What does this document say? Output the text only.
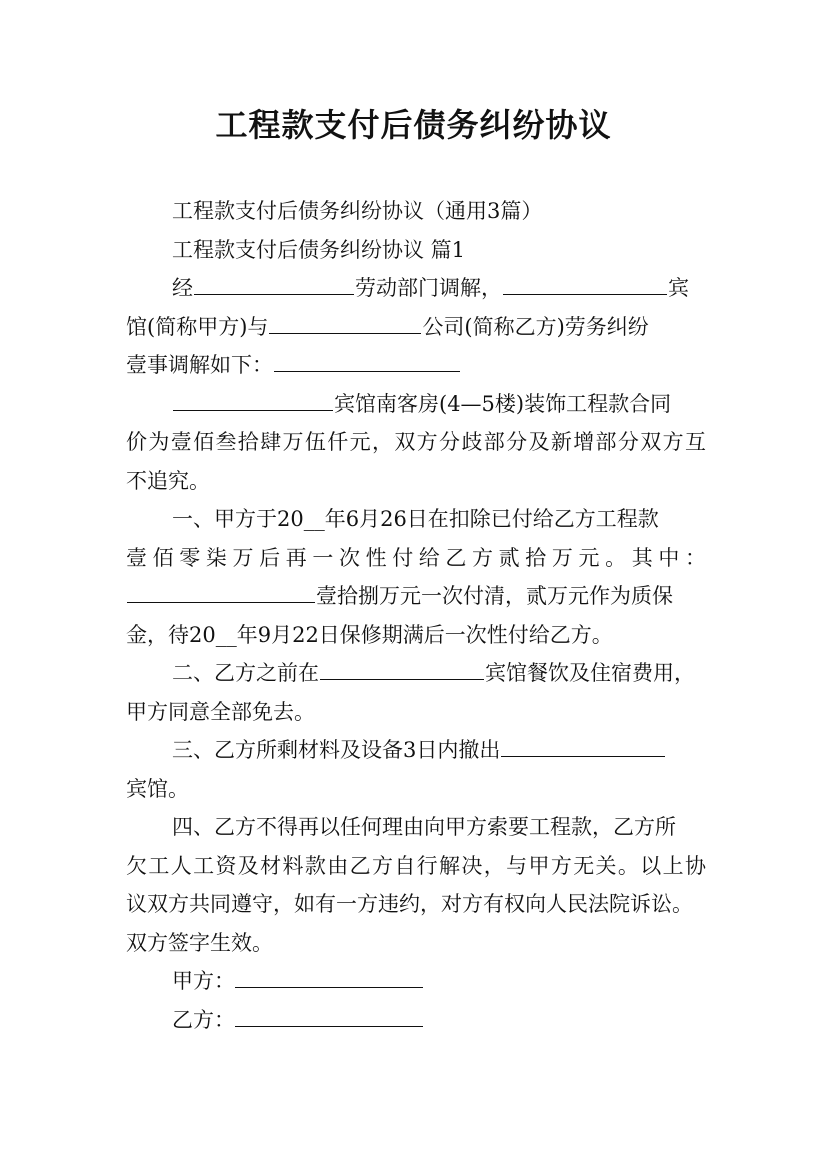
工程款支付后债务纠纷协议
工程款支付后债务纠纷协议（通用3篇）
工程款支付后债务纠纷协议 篇1
经	劳动部门调解，	宾
馆(简称甲方)与	公司(简称乙方)劳务纠纷
壹事调解如下：
宾馆南客房(4—5楼)装饰工程款合同
价为壹佰叁拾肆万伍仟元，双方分歧部分及新增部分双方互
不追究。
一、甲方于20__年6月26日在扣除已付给乙方工程款
壹佰零柒万后再一次性付给乙方贰拾万元。其中：
壹拾捌万元一次付清，贰万元作为质保
金，待20__年9月22日保修期满后一次性付给乙方。
二、乙方之前在	宾馆餐饮及住宿费用，
甲方同意全部免去。
三、乙方所剩材料及设备3日内撤出
宾馆。
四、乙方不得再以任何理由向甲方索要工程款，乙方所
欠工人工资及材料款由乙方自行解决，与甲方无关。以上协
议双方共同遵守，如有一方违约，对方有权向人民法院诉讼。
双方签字生效。
甲方：
乙方：
